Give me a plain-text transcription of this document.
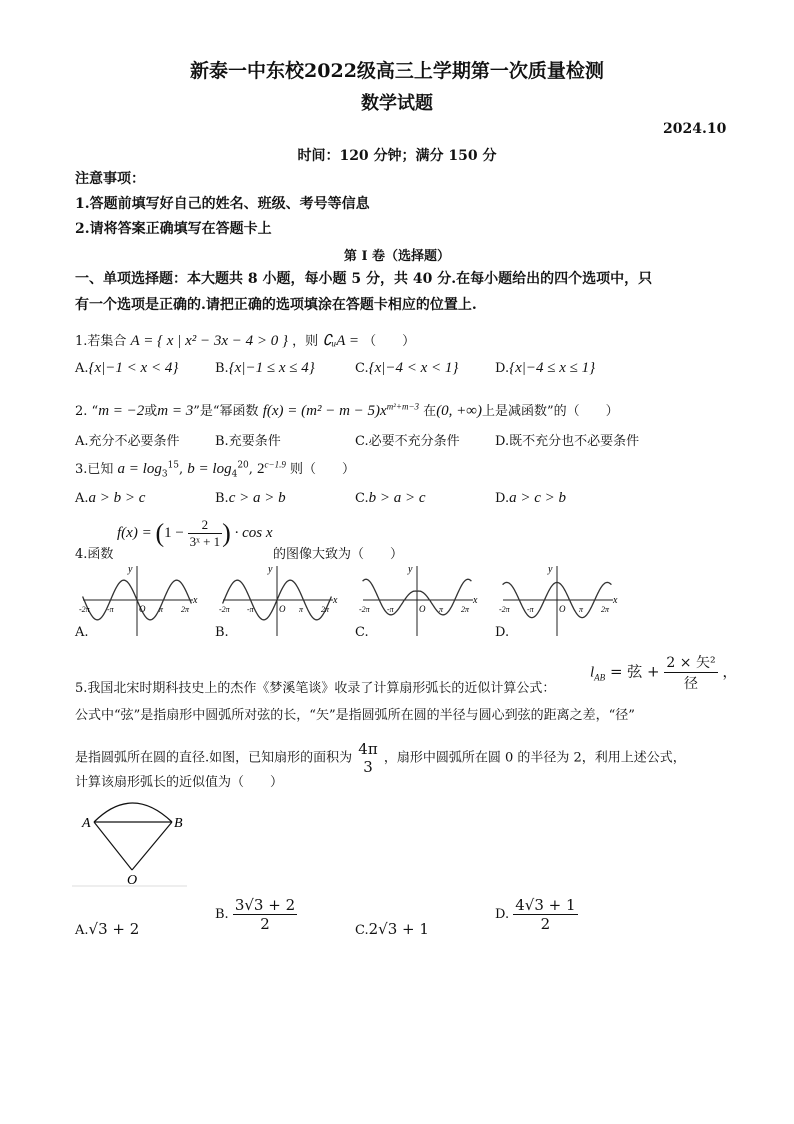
新泰一中东校2022级高三上学期第一次质量检测
数学试题
2024.10
时间：120 分钟；满分 150 分
注意事项：
1.答题前填写好自己的姓名、班级、考号等信息
2.请将答案正确填写在答题卡上
第 I 卷（选择题）
一、单项选择题：本大题共 8 小题，每小题 5 分，共 40 分.在每小题给出的四个选项中，只
有一个选项是正确的.请把正确的选项填涂在答题卡相应的位置上.
1.若集合 A = { x | x² − 3x − 4 > 0 } ，则 ∁ᵤA = （　　）
A.{x|−1 < x < 4}	B.{x|−1 ≤ x ≤ 4}	C.{x|−4 < x < 1}	D.{x|−4 ≤ x ≤ 1}
2. “m = −2或m = 3”是“幂函数 $f(x) = (m^2 - m - 5)x^{m^2+m-3}$ 在(0, +∞)上是减函数”的（　　）
A.充分不必要条件	B.充要条件	C.必要不充分条件	D.既不充分也不必要条件
3.已知 $a = \log_3^{15}$, $b = \log_4^{20}$, $2^{c-1.9}$ 则（　　）
A.a > b > c	B.c > a > b	C.b > a > c	D.a > c > b
4.函数
$f(x) = (1 - \frac{2}{\text{3ˣ + 1}}$ ) · cos x
的图像大致为（　　）
y
x
O
-2π -π	π 2π
y
x
O
-2π -π	π 2π
y
x
O
-2π -π	π 2π
y
x
O
-2π -π	π 2π
A.	B.	C.	D.
5.我国北宋时期科技史上的杰作《梦溪笔谈》收录了计算扇形弧长的近似计算公式：
$l_{AB}$ = 弦 + $\frac{\text{2 × 矢²}}{\text{径}}$ ，
公式中“弦”是指扇形中圆弧所对弦的长，“矢”是指圆弧所在圆的半径与圆心到弦的距离之差，“径”
是指圆弧所在圆的直径.如图，已知扇形的面积为 4π
3 ，扇形中圆弧所在圆 0 的半径为 2，利用上述公式，
计算该扇形弧长的近似值为（　　）
A	B
O
A.√3 + 2
B. $\frac{3√3 + 2}{2}$	C.2√3 + 1
D. $\frac{4√3 + 1}{2}$
